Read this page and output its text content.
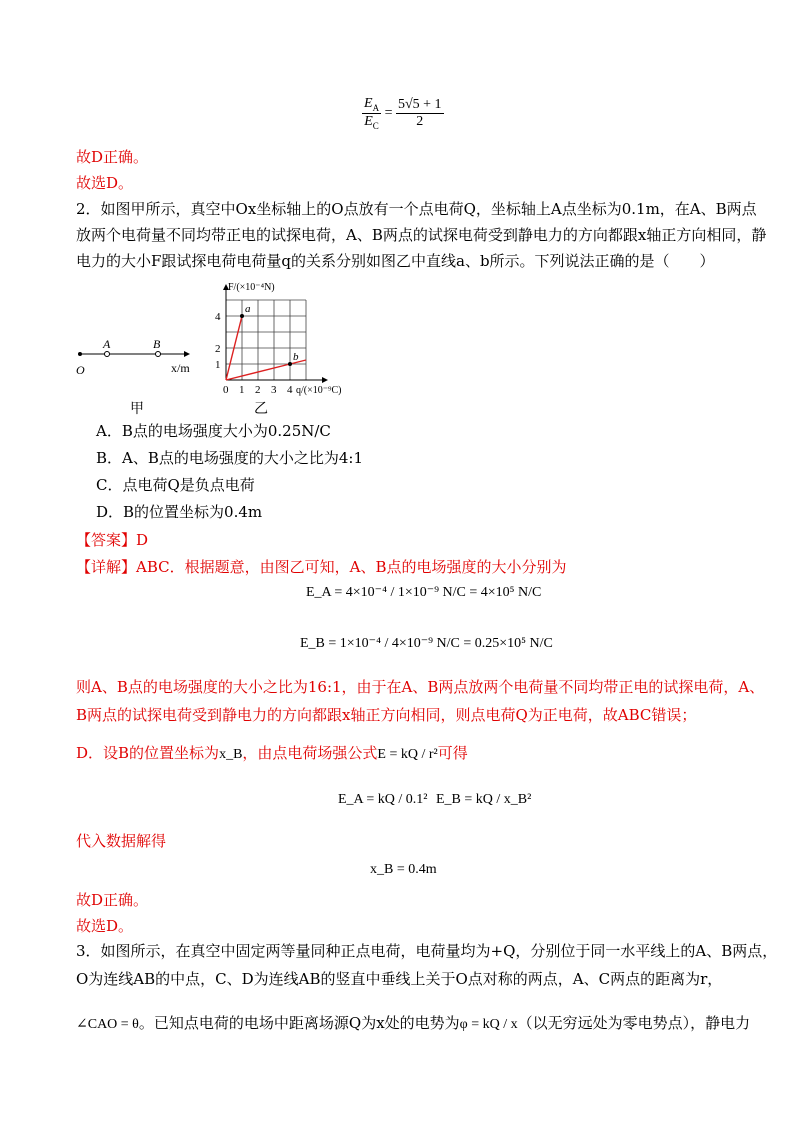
$\frac{E_A}{E_C} = \frac{5√5 + 1}{2}$
故D正确。
故选D。
2．如图甲所示，真空中Ox坐标轴上的O点放有一个点电荷Q，坐标轴上A点坐标为0.1m，在A、B两点
放两个电荷量不同均带正电的试探电荷，A、B两点的试探电荷受到静电力的方向都跟x轴正方向相同，静
电力的大小F跟试探电荷电荷量q的关系分别如图乙中直线a、b所示。下列说法正确的是（　　）
O
A	B
x/m
甲
0 1 2 3 4
1
2
4
F/(×10⁻⁴N)
q/(×10⁻⁹C)
a
b
乙
A．B点的电场强度大小为0.25N/C
B．A、B点的电场强度的大小之比为4:1
C．点电荷Q是负点电荷
D．B的位置坐标为0.4m
【答案】D
【详解】ABC．根据题意，由图乙可知，A、B点的电场强度的大小分别为
E_A = 4×10⁻⁴ / 1×10⁻⁹ N/C = 4×10⁵ N/C
E_B = 1×10⁻⁴ / 4×10⁻⁹ N/C = 0.25×10⁵ N/C
则A、B点的电场强度的大小之比为16:1，由于在A、B两点放两个电荷量不同均带正电的试探电荷，A、
B两点的试探电荷受到静电力的方向都跟x轴正方向相同，则点电荷Q为正电荷，故ABC错误；
D．设B的位置坐标为x_B，由点电荷场强公式E = kQ / r²可得
E_A = kQ / 0.1² E_B = kQ / x_B²
代入数据解得
x_B = 0.4m
故D正确。
故选D。
3．如图所示，在真空中固定两等量同种正点电荷，电荷量均为+Q，分别位于同一水平线上的A、B两点，
O为连线AB的中点，C、D为连线AB的竖直中垂线上关于O点对称的两点，A、C两点的距离为r，
∠CAO = θ。已知点电荷的电场中距离场源Q为x处的电势为φ = kQ / x（以无穷远处为零电势点），静电力
